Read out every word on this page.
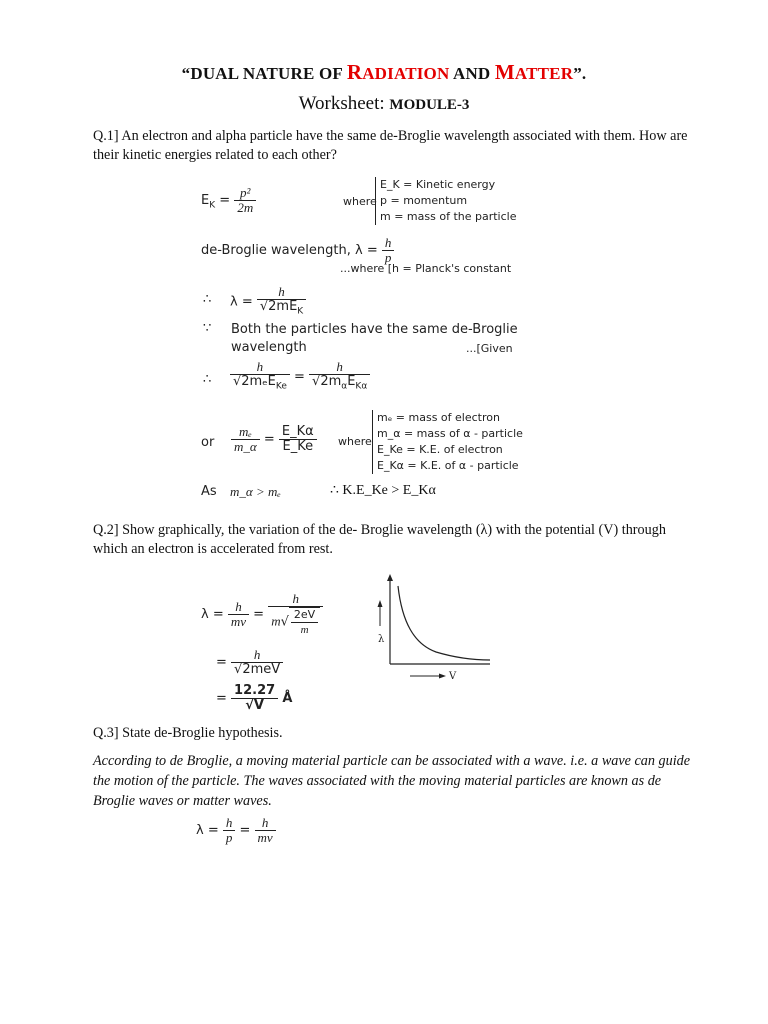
“DUAL NATURE OF RADIATION AND MATTER”.
Worksheet: MODULE-3
Q.1] An electron and alpha particle have the same de-Broglie wavelength associated with them. How are their kinetic energies related to each other?
$E_K = \frac{\text{p²}}{2m}$	where
E_K = Kinetic energy
p = momentum
m = mass of the particle
de-Broglie wavelength, $\lambda = \frac{h}{p}$
...where [h = Planck's constant
∴ $\lambda = \frac{h}{√2mE_K}$
∵ Both the particles have the same de-Broglie wavelength	...[Given
∴ $\frac{h}{√2m_eE_{Ke}} = \frac{h}{√2m_\alpha E_{K\alpha}}$
or $\frac{\text{mₑ}}{m\_\alpha} = \frac{E\_K\alpha}{E\_Ke}$ where
mₑ = mass of electron
m_α = mass of α - particle
E_Ke = K.E. of electron
E_Kα = K.E. of α - particle
As m_α > mₑ	∴ K.E_Ke > E_Kα
Q.2] Show graphically, the variation of the de- Broglie wavelength (λ) with the potential (V) through which an electron is accelerated from rest.
$\lambda = \frac{h}{mv} = \frac{h}{m√ \frac{2eV}{m}}$
= $\frac{h}{\text{√2meV}}$
= $\frac{12.27}{√V}$ Å
λ
V
Q.3] State de-Broglie hypothesis.
According to de Broglie, a moving material particle can be associated with a wave. i.e. a wave can guide the motion of the particle. The waves associated with the moving material particles are known as de Broglie waves or matter waves.
$\lambda = \frac{h}{p} = \frac{h}{mv}$
